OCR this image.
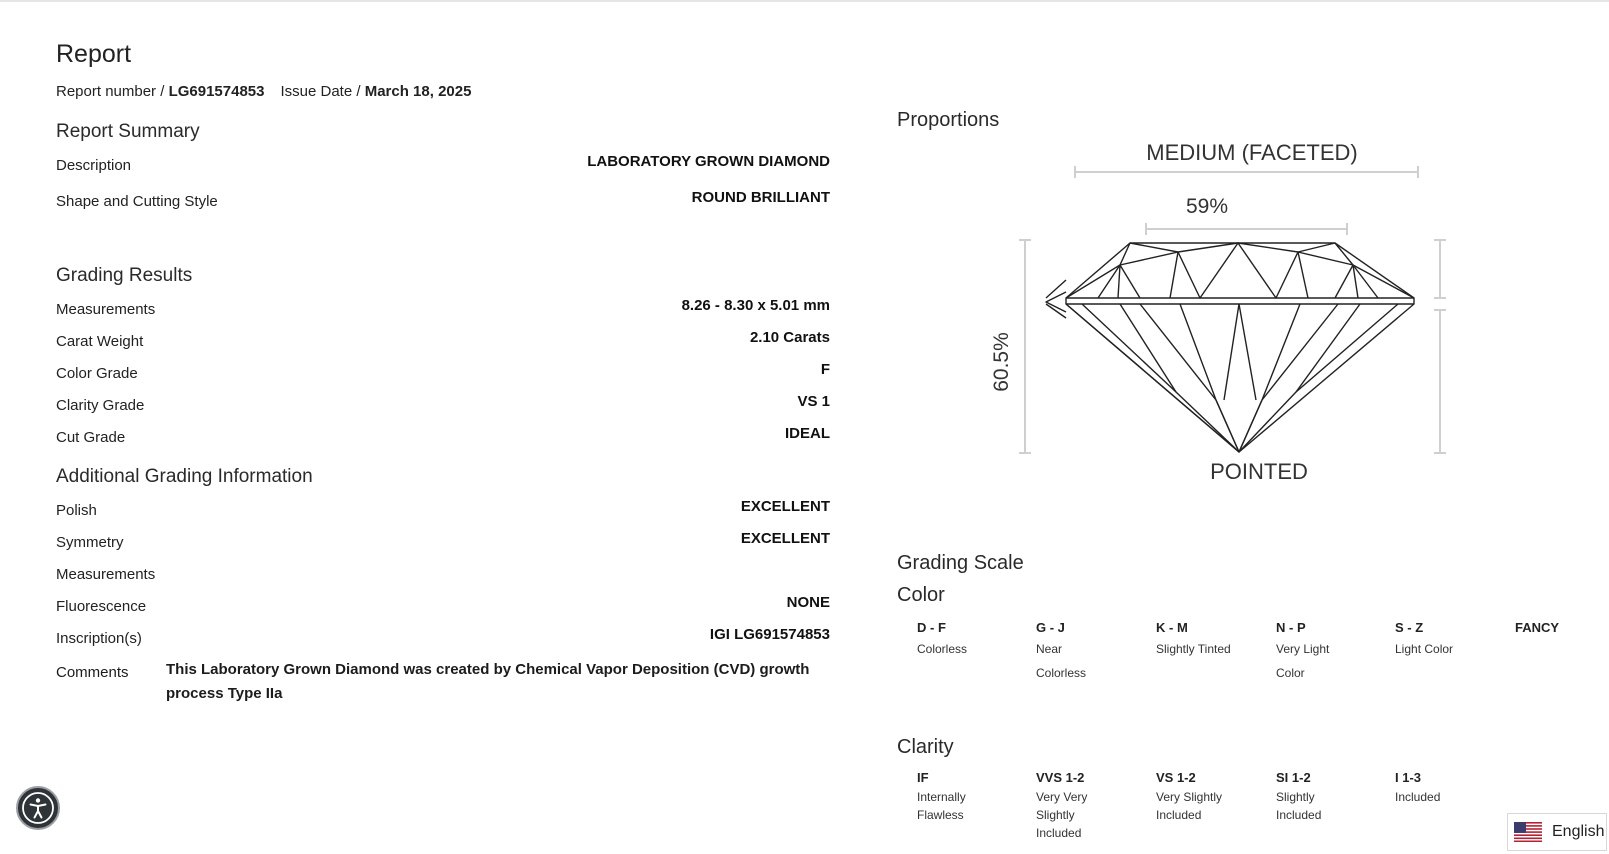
Report
Report number / LG691574853 Issue Date / March 18, 2025
Report Summary
Description	LABORATORY GROWN DIAMOND
Shape and Cutting Style	ROUND BRILLIANT
Grading Results
Measurements	8.26 - 8.30 x 5.01 mm
Carat Weight	2.10 Carats
Color Grade	F
Clarity Grade	VS 1
Cut Grade	IDEAL
Additional Grading Information
Polish	EXCELLENT
Symmetry	EXCELLENT
Measurements
Fluorescence	NONE
Inscription(s)	IGI LG691574853
Comments This Laboratory Grown Diamond was created by Chemical Vapor Deposition (CVD) growth process Type IIa
Proportions
MEDIUM (FACETED)
59%
60.5%
POINTED
Grading Scale
Color
D - F
Colorless
G - J
Near Colorless
K - M
Slightly Tinted
N - P
Very Light Color
S - Z
Light Color
FANCY
Clarity
IF
Internally Flawless
VVS 1-2
Very Very Slightly Included
VS 1-2
Very Slightly Included
SI 1-2
Slightly Included
I 1-3
Included
English
